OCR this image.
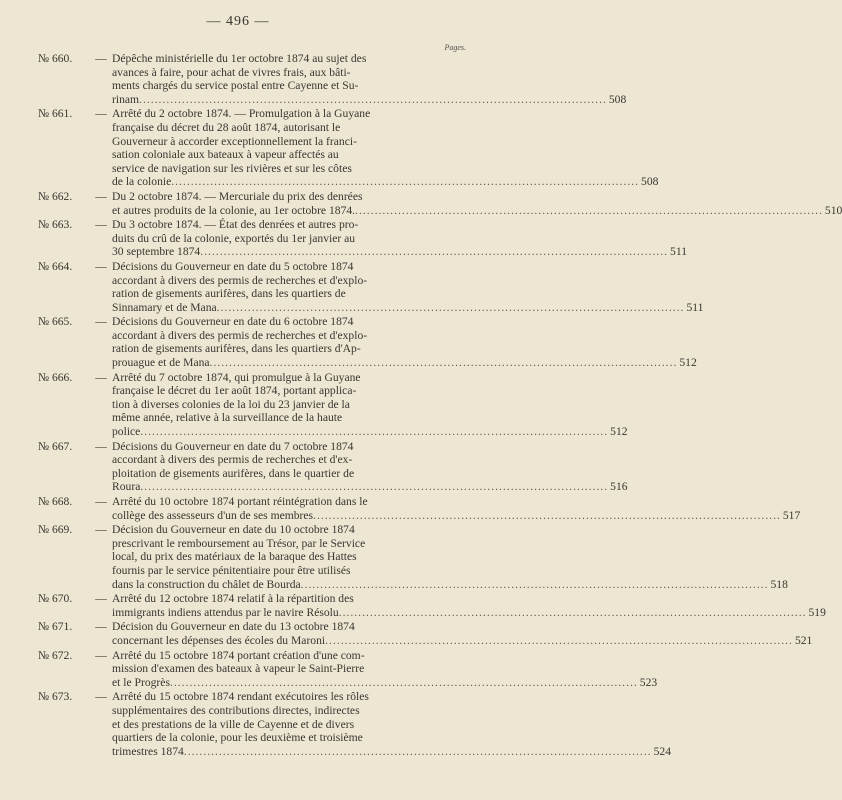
— 496 —
Pages.
№ 660.	— Dépêche ministérielle du 1er octobre 1874 au sujet des
avances à faire, pour achat de vivres frais, aux bâti-
ments chargés du service postal entre Cayenne et Su-
rinam .....	508
№ 661.	— Arrêté du 2 octobre 1874. — Promulgation à la Guyane
française du décret du 28 août 1874, autorisant le
Gouverneur à accorder exceptionnellement la franci-
sation coloniale aux bateaux à vapeur affectés au
service de navigation sur les rivières et sur les côtes
de la colonie .....	508
№ 662.	— Du 2 octobre 1874. — Mercuriale du prix des denrées
et autres produits de la colonie, au 1er octobre 1874. .....	510
№ 663.	— Du 3 octobre 1874. — État des denrées et autres pro-
duits du crû de la colonie, exportés du 1er janvier au
30 septembre 1874 .....	511
№ 664.	— Décisions du Gouverneur en date du 5 octobre 1874
accordant à divers des permis de recherches et d'explo-
ration de gisements aurifères, dans les quartiers de
Sinnamary et de Mana .....	511
№ 665.	— Décisions du Gouverneur en date du 6 octobre 1874
accordant à divers des permis de recherches et d'explo-
ration de gisements aurifères, dans les quartiers d'Ap-
prouague et de Mana .....	512
№ 666.	— Arrêté du 7 octobre 1874, qui promulgue à la Guyane
française le décret du 1er août 1874, portant applica-
tion à diverses colonies de la loi du 23 janvier de la
même année, relative à la surveillance de la haute
police .....	512
№ 667.	— Décisions du Gouverneur en date du 7 octobre 1874
accordant à divers des permis de recherches et d'ex-
ploitation de gisements aurifères, dans le quartier de
Roura .....	516
№ 668.	— Arrêté du 10 octobre 1874 portant réintégration dans le
collège des assesseurs d'un de ses membres .....	517
№ 669.	— Décision du Gouverneur en date du 10 octobre 1874
prescrivant le remboursement au Trésor, par le Service
local, du prix des matériaux de la baraque des Hattes
fournis par le service pénitentiaire pour être utilisés
dans la construction du châlet de Bourda .....	518
№ 670.	— Arrêté du 12 octobre 1874 relatif à la répartition des
immigrants indiens attendus par le navire Résolu .....	519
№ 671.	— Décision du Gouverneur en date du 13 octobre 1874
concernant les dépenses des écoles du Maroni .....	521
№ 672.	— Arrêté du 15 octobre 1874 portant création d'une com-
mission d'examen des bateaux à vapeur le Saint-Pierre
et le Progrès .....	523
№ 673.	— Arrêté du 15 octobre 1874 rendant exécutoires les rôles
supplémentaires des contributions directes, indirectes
et des prestations de la ville de Cayenne et de divers
quartiers de la colonie, pour les deuxième et troisième
trimestres 1874 .....	524
